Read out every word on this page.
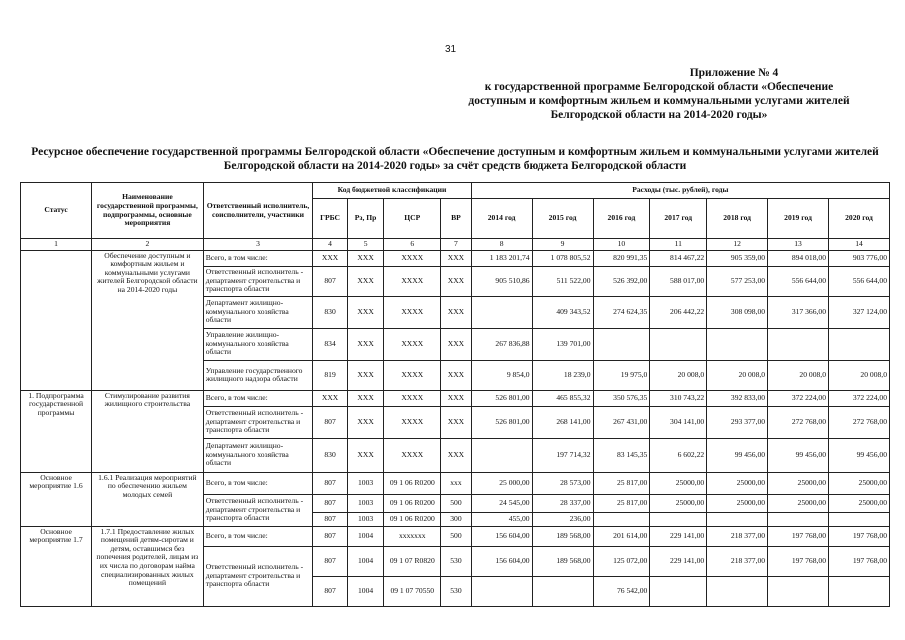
31
Приложение № 4
к государственной программе Белгородской области «Обеспечение
доступным и комфортным жильем и коммунальными услугами жителей
Белгородской области на 2014-2020 годы»
Ресурсное обеспечение государственной программы Белгородской области «Обеспечение доступным и комфортным жильем и коммунальными услугами жителей
Белгородской области на 2014-2020 годы» за счёт средств бюджета Белгородской области
Статус	Наименование государственной программы, подпрограммы, основные мероприятия	Ответственный исполнитель, соисполнители, участники	Код бюджетной классификации				Расходы (тыс. рублей), годы						
			ГРБС	Рз, Пр	ЦСР	ВР	2014 год	2015 год	2016 год	2017 год	2018 год	2019 год	2020 год
1	2	3	4	5	6	7	8	9	10	11	12	13	14
	Обеспечение доступным и комфортным жильем и коммунальными услугами жителей Белгородской области на 2014-2020 годы	Всего, в том числе:	XXX	XXX	XXXX	XXX	1 183 201,74	1 078 805,52	820 991,35	814 467,22	905 359,00	894 018,00	903 776,00
		Ответственный исполнитель - департамент строительства и транспорта области	807	XXX	XXXX	XXX	905 510,86	511 522,00	526 392,00	588 017,00	577 253,00	556 644,00	556 644,00
		Департамент жилищно-коммунального хозяйства области	830	XXX	XXXX	XXX		409 343,52	274 624,35	206 442,22	308 098,00	317 366,00	327 124,00
		Управление жилищно-коммунального хозяйства области	834	XXX	XXXX	XXX	267 836,88	139 701,00					
		Управление государственного жилищного надзора области	819	XXX	XXXX	XXX	9 854,0	18 239,0	19 975,0	20 008,0	20 008,0	20 008,0	20 008,0
1. Подпрограмма государственной программы	Стимулирование развития жилищного строительства	Всего, в том числе:	XXX	XXX	XXXX	XXX	526 801,00	465 855,32	350 576,35	310 743,22	392 833,00	372 224,00	372 224,00
		Ответственный исполнитель - департамент строительства и транспорта области	807	XXX	XXXX	XXX	526 801,00	268 141,00	267 431,00	304 141,00	293 377,00	272 768,00	272 768,00
		Департамент жилищно-коммунального хозяйства области	830	XXX	XXXX	XXX		197 714,32	83 145,35	6 602,22	99 456,00	99 456,00	99 456,00
Основное мероприятие 1.6	1.6.1 Реализация мероприятий по обеспечению жильем молодых семей	Всего, в том числе:	807	1003	09 1 06 R0200	xxx	25 000,00	28 573,00	25 817,00	25000,00	25000,00	25000,00	25000,00
		Ответственный исполнитель - департамент строительства и транспорта области	807	1003	09 1 06 R0200	500	24 545,00	28 337,00	25 817,00	25000,00	25000,00	25000,00	25000,00
			807	1003	09 1 06 R0200	300	455,00	236,00					
Основное мероприятие 1.7	1.7.1 Предоставление жилых помещений детям-сиротам и детям, оставшимся без попечения родителей, лицам из их числа по договорам найма специализированных жилых помещений	Всего, в том числе:	807	1004	xxxxxxx	500	156 604,00	189 568,00	201 614,00	229 141,00	218 377,00	197 768,00	197 768,00
		Ответственный исполнитель - департамент строительства и транспорта области	807	1004	09 1 07 R0820	530	156 604,00	189 568,00	125 072,00	229 141,00	218 377,00	197 768,00	197 768,00
			807	1004	09 1 07 70550	530			76 542,00				
